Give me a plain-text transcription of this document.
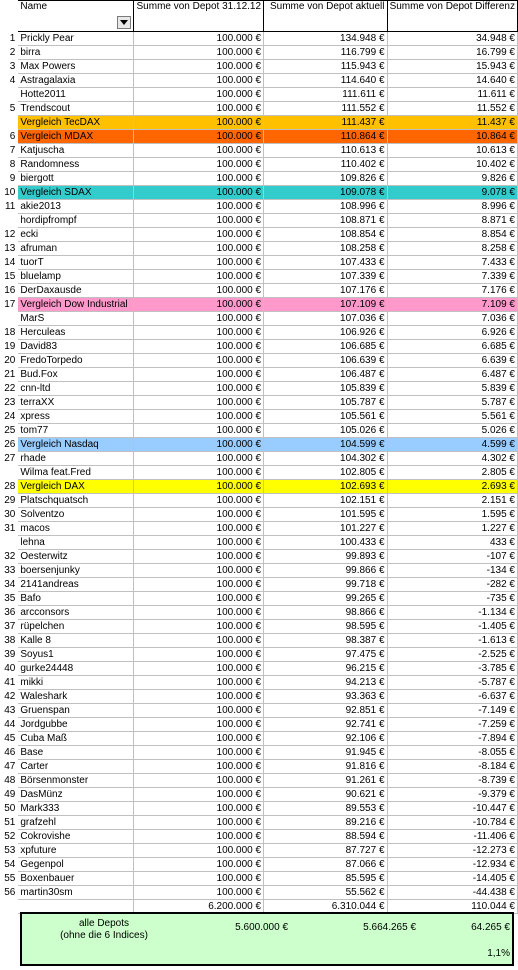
	Name	Summe von Depot 31.12.12	Summe von Depot aktuell	Summe von Depot Differenz
1	Prickly Pear	100.000 €	134.948 €	34.948 €
2	birra	100.000 €	116.799 €	16.799 €
3	Max Powers	100.000 €	115.943 €	15.943 €
4	Astragalaxia	100.000 €	114.640 €	14.640 €
	Hotte2011	100.000 €	111.611 €	11.611 €
5	Trendscout	100.000 €	111.552 €	11.552 €
	Vergleich TecDAX	100.000 €	111.437 €	11.437 €
6	Vergleich MDAX	100.000 €	110.864 €	10.864 €
7	Katjuscha	100.000 €	110.613 €	10.613 €
8	Randomness	100.000 €	110.402 €	10.402 €
9	biergott	100.000 €	109.826 €	9.826 €
10	Vergleich SDAX	100.000 €	109.078 €	9.078 €
11	akie2013	100.000 €	108.996 €	8.996 €
	hordipfrompf	100.000 €	108.871 €	8.871 €
12	ecki	100.000 €	108.854 €	8.854 €
13	afruman	100.000 €	108.258 €	8.258 €
14	tuorT	100.000 €	107.433 €	7.433 €
15	bluelamp	100.000 €	107.339 €	7.339 €
16	DerDaxausde	100.000 €	107.176 €	7.176 €
17	Vergleich Dow Industrial	100.000 €	107.109 €	7.109 €
	MarS	100.000 €	107.036 €	7.036 €
18	Herculeas	100.000 €	106.926 €	6.926 €
19	David83	100.000 €	106.685 €	6.685 €
20	FredoTorpedo	100.000 €	106.639 €	6.639 €
21	Bud.Fox	100.000 €	106.487 €	6.487 €
22	cnn-ltd	100.000 €	105.839 €	5.839 €
23	terraXX	100.000 €	105.787 €	5.787 €
24	xpress	100.000 €	105.561 €	5.561 €
25	tom77	100.000 €	105.026 €	5.026 €
26	Vergleich Nasdaq	100.000 €	104.599 €	4.599 €
27	rhade	100.000 €	104.302 €	4.302 €
	Wilma feat.Fred	100.000 €	102.805 €	2.805 €
28	Vergleich DAX	100.000 €	102.693 €	2.693 €
29	Platschquatsch	100.000 €	102.151 €	2.151 €
30	Solventzo	100.000 €	101.595 €	1.595 €
31	macos	100.000 €	101.227 €	1.227 €
	lehna	100.000 €	100.433 €	433 €
32	Oesterwitz	100.000 €	99.893 €	-107 €
33	boersenjunky	100.000 €	99.866 €	-134 €
34	2141andreas	100.000 €	99.718 €	-282 €
35	Bafo	100.000 €	99.265 €	-735 €
36	arcconsors	100.000 €	98.866 €	-1.134 €
37	rüpelchen	100.000 €	98.595 €	-1.405 €
38	Kalle 8	100.000 €	98.387 €	-1.613 €
39	Soyus1	100.000 €	97.475 €	-2.525 €
40	gurke24448	100.000 €	96.215 €	-3.785 €
41	mikki	100.000 €	94.213 €	-5.787 €
42	Waleshark	100.000 €	93.363 €	-6.637 €
43	Gruenspan	100.000 €	92.851 €	-7.149 €
44	Jordgubbe	100.000 €	92.741 €	-7.259 €
45	Cuba Maß	100.000 €	92.106 €	-7.894 €
46	Base	100.000 €	91.945 €	-8.055 €
47	Carter	100.000 €	91.816 €	-8.184 €
48	Börsenmonster	100.000 €	91.261 €	-8.739 €
49	DasMünz	100.000 €	90.621 €	-9.379 €
50	Mark333	100.000 €	89.553 €	-10.447 €
51	grafzehl	100.000 €	89.216 €	-10.784 €
52	Cokrovishe	100.000 €	88.594 €	-11.406 €
53	xpfuture	100.000 €	87.727 €	-12.273 €
54	Gegenpol	100.000 €	87.066 €	-12.934 €
55	Boxenbauer	100.000 €	85.595 €	-14.405 €
56	martin30sm	100.000 €	55.562 €	-44.438 €
		6.200.000 €	6.310.044 €	110.044 €
alle Depots
(ohne die 6 Indices)
5.600.000 €	5.664.265 €	64.265 €
1,1%
